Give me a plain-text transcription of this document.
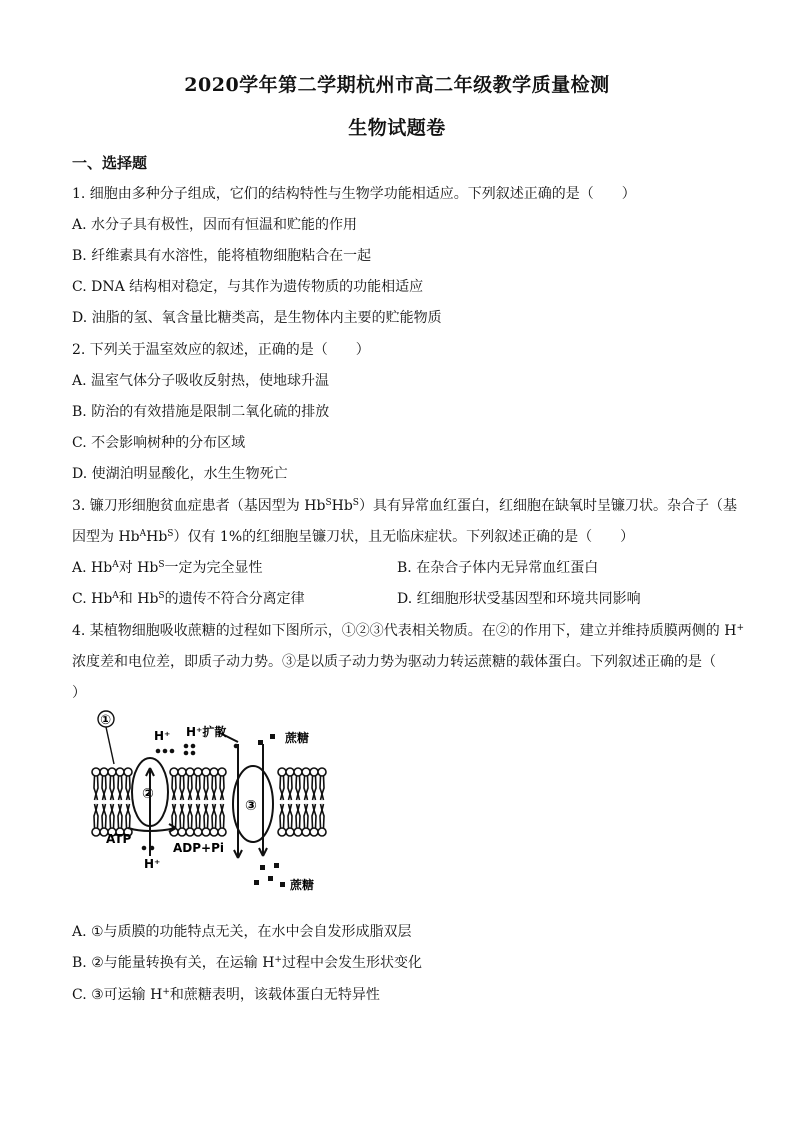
2020学年第二学期杭州市高二年级教学质量检测
生物试题卷
一、选择题
1. 细胞由多种分子组成，它们的结构特性与生物学功能相适应。下列叙述正确的是（　　）
A. 水分子具有极性，因而有恒温和贮能的作用
B. 纤维素具有水溶性，能将植物细胞粘合在一起
C. DNA 结构相对稳定，与其作为遗传物质的功能相适应
D. 油脂的氢、氧含量比糖类高，是生物体内主要的贮能物质
2. 下列关于温室效应的叙述，正确的是（　　）
A. 温室气体分子吸收反射热，使地球升温
B. 防治的有效措施是限制二氧化硫的排放
C. 不会影响树种的分布区域
D. 使湖泊明显酸化，水生生物死亡
3. 镰刀形细胞贫血症患者（基因型为 $Hb^SHb^S$）具有异常血红蛋白，红细胞在缺氧时呈镰刀状。杂合子（基
因型为 $Hb^AHb^S$）仅有 1%的红细胞呈镰刀状，且无临床症状。下列叙述正确的是（　　）
A. $Hb^A$对 $Hb^S$一定为完全显性	B. 在杂合子体内无异常血红蛋白
C. $Hb^A$和 $Hb^S$的遗传不符合分离定律	D. 红细胞形状受基因型和环境共同影响
4. 某植物细胞吸收蔗糖的过程如下图所示，①②③代表相关物质。在②的作用下，建立并维持质膜两侧的 H+
浓度差和电位差，即质子动力势。③是以质子动力势为驱动力转运蔗糖的载体蛋白。下列叙述正确的是（
）
②
③
①
H⁺ H⁺扩散	蔗糖
ATP
ADP+Pi
H⁺
蔗糖
A. ①与质膜的功能特点无关，在水中会自发形成脂双层
B. ②与能量转换有关，在运输 H+过程中会发生形状变化
C. ③可运输 H+和蔗糖表明，该载体蛋白无特异性
